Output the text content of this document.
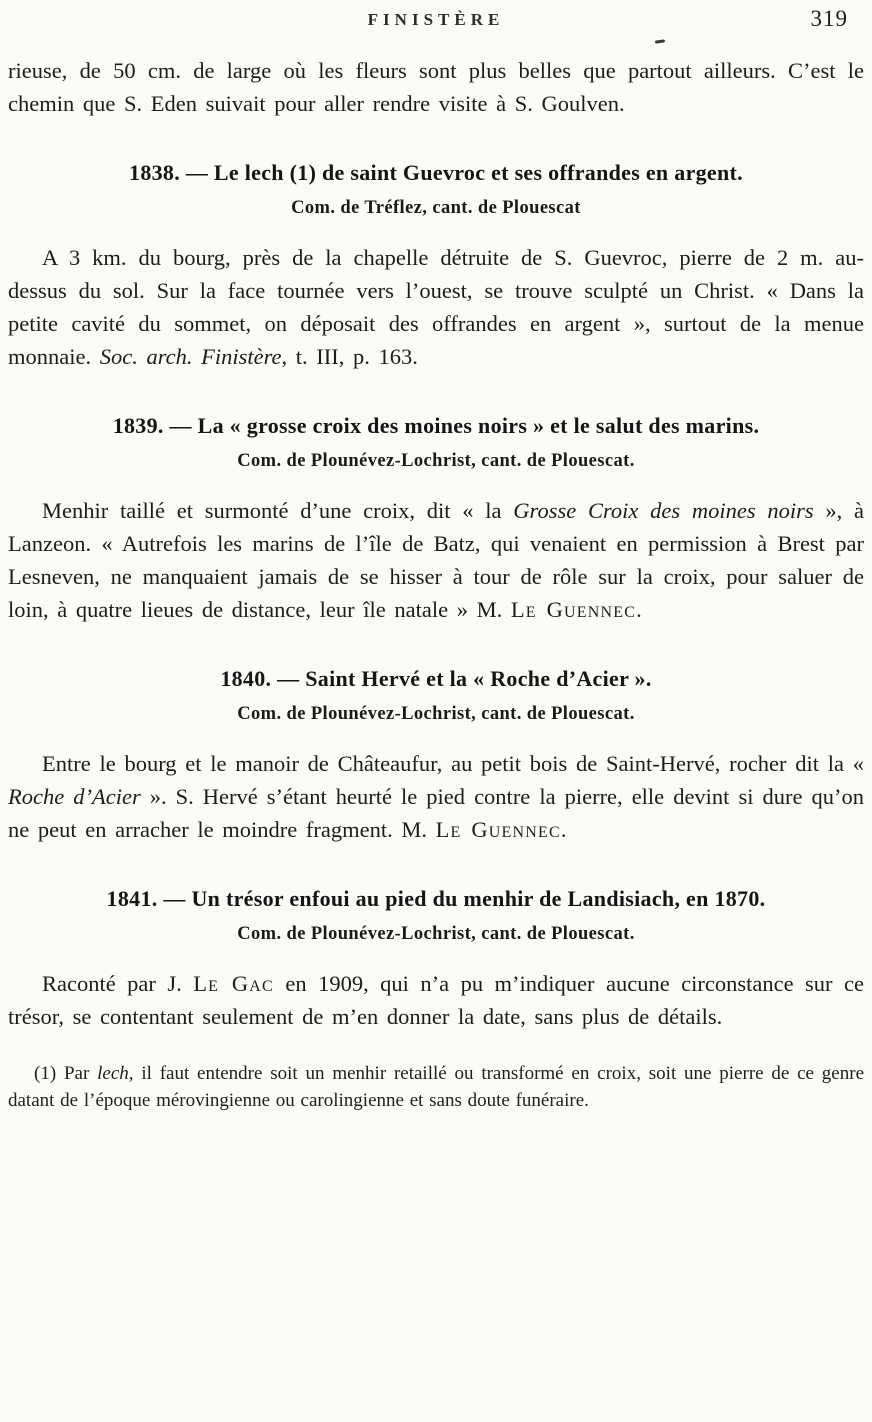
FINISTÈRE	319

rieuse, de 50 cm. de large où les fleurs sont plus belles que partout ailleurs. C’est le chemin que S. Eden suivait pour aller rendre visite à S. Goulven.

1838. — Le lech (1) de saint Guevroc et ses offrandes en argent.
Com. de Tréflez, cant. de Plouescat

A 3 km. du bourg, près de la chapelle détruite de S. Guevroc, pierre de 2 m. au-dessus du sol. Sur la face tournée vers l’ouest, se trouve sculpté un Christ. « Dans la petite cavité du sommet, on déposait des offrandes en argent », surtout de la menue monnaie. Soc. arch. Finistère, t. III, p. 163.

1839. — La « grosse croix des moines noirs » et le salut des marins.
Com. de Plounévez-Lochrist, cant. de Plouescat.

Menhir taillé et surmonté d’une croix, dit « la Grosse Croix des moines noirs », à Lanzeon. « Autrefois les marins de l’île de Batz, qui venaient en permission à Brest par Lesneven, ne manquaient jamais de se hisser à tour de rôle sur la croix, pour saluer de loin, à quatre lieues de distance, leur île natale » M. Le Guennec.

1840. — Saint Hervé et la « Roche d’Acier ».
Com. de Plounévez-Lochrist, cant. de Plouescat.

Entre le bourg et le manoir de Châteaufur, au petit bois de Saint-Hervé, rocher dit la « Roche d’Acier ». S. Hervé s’étant heurté le pied contre la pierre, elle devint si dure qu’on ne peut en arracher le moindre fragment. M. Le Guennec.

1841. — Un trésor enfoui au pied du menhir de Landisiach, en 1870.
Com. de Plounévez-Lochrist, cant. de Plouescat.

Raconté par J. Le Gac en 1909, qui n’a pu m’indiquer aucune circonstance sur ce trésor, se contentant seulement de m’en donner la date, sans plus de détails.

(1) Par lech, il faut entendre soit un menhir retaillé ou transformé en croix, soit une pierre de ce genre datant de l’époque mérovingienne ou carolingienne et sans doute funéraire.
